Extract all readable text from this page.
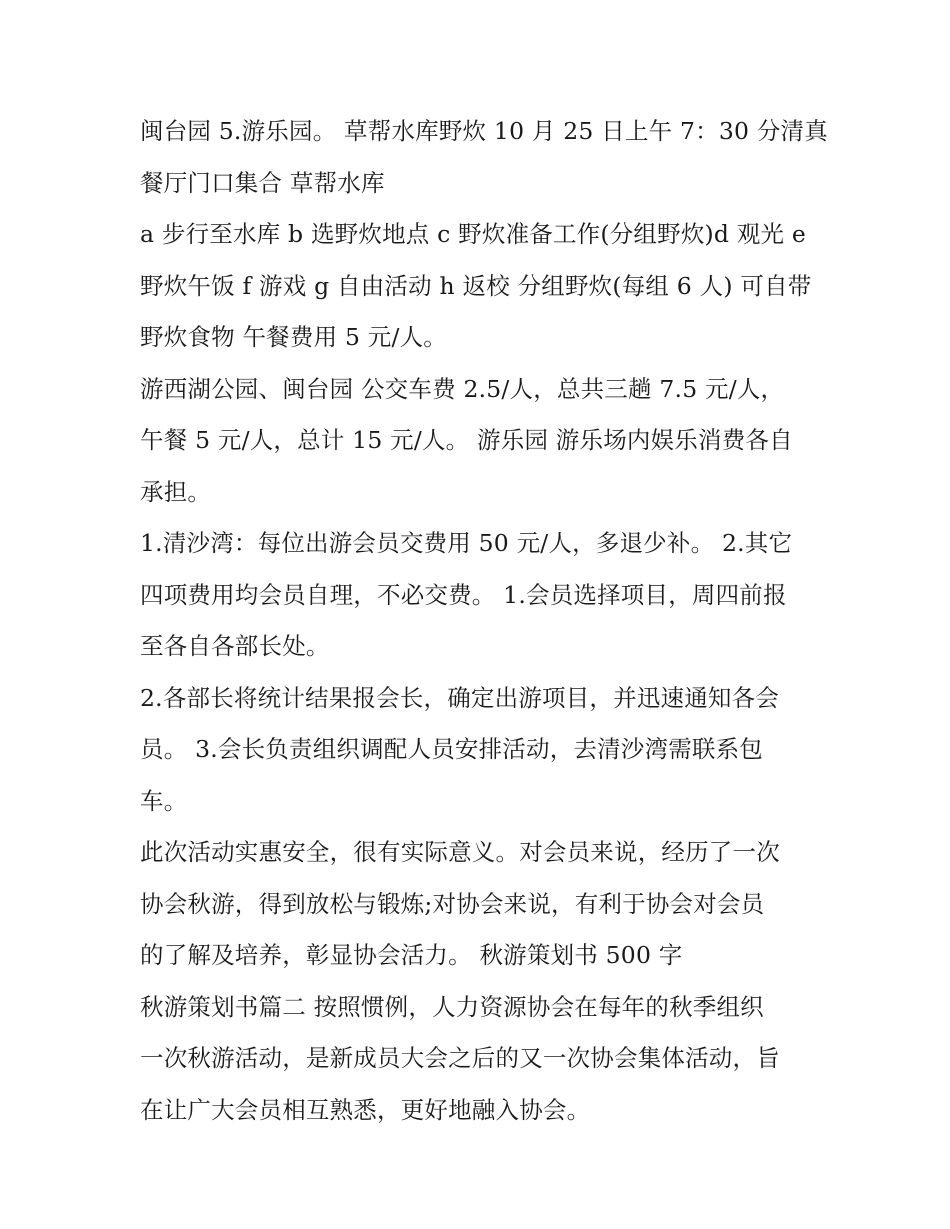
闽台园 5.游乐园。 草帮水库野炊 10 月 25 日上午 7：30 分清真
餐厅门口集合 草帮水库
a 步行至水库 b 选野炊地点 c 野炊准备工作(分组野炊)d 观光 e
野炊午饭 f 游戏 g 自由活动 h 返校 分组野炊(每组 6 人) 可自带
野炊食物 午餐费用 5 元/人。
游西湖公园、闽台园 公交车费 2.5/人，总共三趟 7.5 元/人，
午餐 5 元/人，总计 15 元/人。 游乐园 游乐场内娱乐消费各自
承担。
1.清沙湾：每位出游会员交费用 50 元/人，多退少补。 2.其它
四项费用均会员自理，不必交费。 1.会员选择项目，周四前报
至各自各部长处。
2.各部长将统计结果报会长，确定出游项目，并迅速通知各会
员。 3.会长负责组织调配人员安排活动，去清沙湾需联系包
车。
此次活动实惠安全，很有实际意义。对会员来说，经历了一次
协会秋游，得到放松与锻炼;对协会来说，有利于协会对会员
的了解及培养，彰显协会活力。 秋游策划书 500 字
秋游策划书篇二 按照惯例，人力资源协会在每年的秋季组织
一次秋游活动，是新成员大会之后的又一次协会集体活动，旨
在让广大会员相互熟悉，更好地融入协会。
